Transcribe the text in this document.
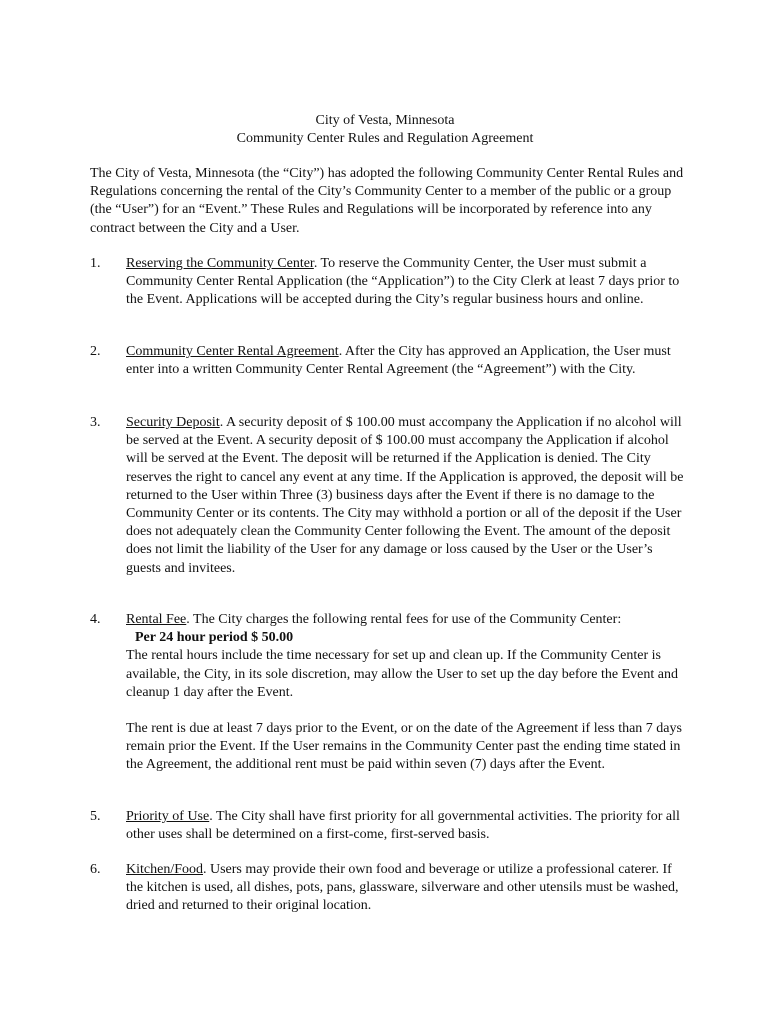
City of Vesta, Minnesota
Community Center Rules and Regulation Agreement
The City of Vesta, Minnesota (the “City”) has adopted the following Community Center Rental Rules and Regulations concerning the rental of the City’s Community Center to a member of the public or a group (the “User”) for an “Event.” These Rules and Regulations will be incorporated by reference into any contract between the City and a User.
1. Reserving the Community Center. To reserve the Community Center, the User must submit a Community Center Rental Application (the “Application”) to the City Clerk at least 7 days prior to the Event. Applications will be accepted during the City’s regular business hours and online.
2. Community Center Rental Agreement. After the City has approved an Application, the User must enter into a written Community Center Rental Agreement (the “Agreement”) with the City.
3. Security Deposit. A security deposit of $ 100.00 must accompany the Application if no alcohol will be served at the Event. A security deposit of $ 100.00 must accompany the Application if alcohol will be served at the Event. The deposit will be returned if the Application is denied. The City reserves the right to cancel any event at any time. If the Application is approved, the deposit will be returned to the User within Three (3) business days after the Event if there is no damage to the Community Center or its contents. The City may withhold a portion or all of the deposit if the User does not adequately clean the Community Center following the Event. The amount of the deposit does not limit the liability of the User for any damage or loss caused by the User or the User’s guests and invitees.
4. Rental Fee. The City charges the following rental fees for use of the Community Center:
Per 24 hour period $ 50.00
The rental hours include the time necessary for set up and clean up. If the Community Center is available, the City, in its sole discretion, may allow the User to set up the day before the Event and cleanup 1 day after the Event.
The rent is due at least 7 days prior to the Event, or on the date of the Agreement if less than 7 days remain prior the Event. If the User remains in the Community Center past the ending time stated in the Agreement, the additional rent must be paid within seven (7) days after the Event.
5. Priority of Use. The City shall have first priority for all governmental activities. The priority for all other uses shall be determined on a first-come, first-served basis.
6. Kitchen/Food. Users may provide their own food and beverage or utilize a professional caterer. If the kitchen is used, all dishes, pots, pans, glassware, silverware and other utensils must be washed, dried and returned to their original location.
